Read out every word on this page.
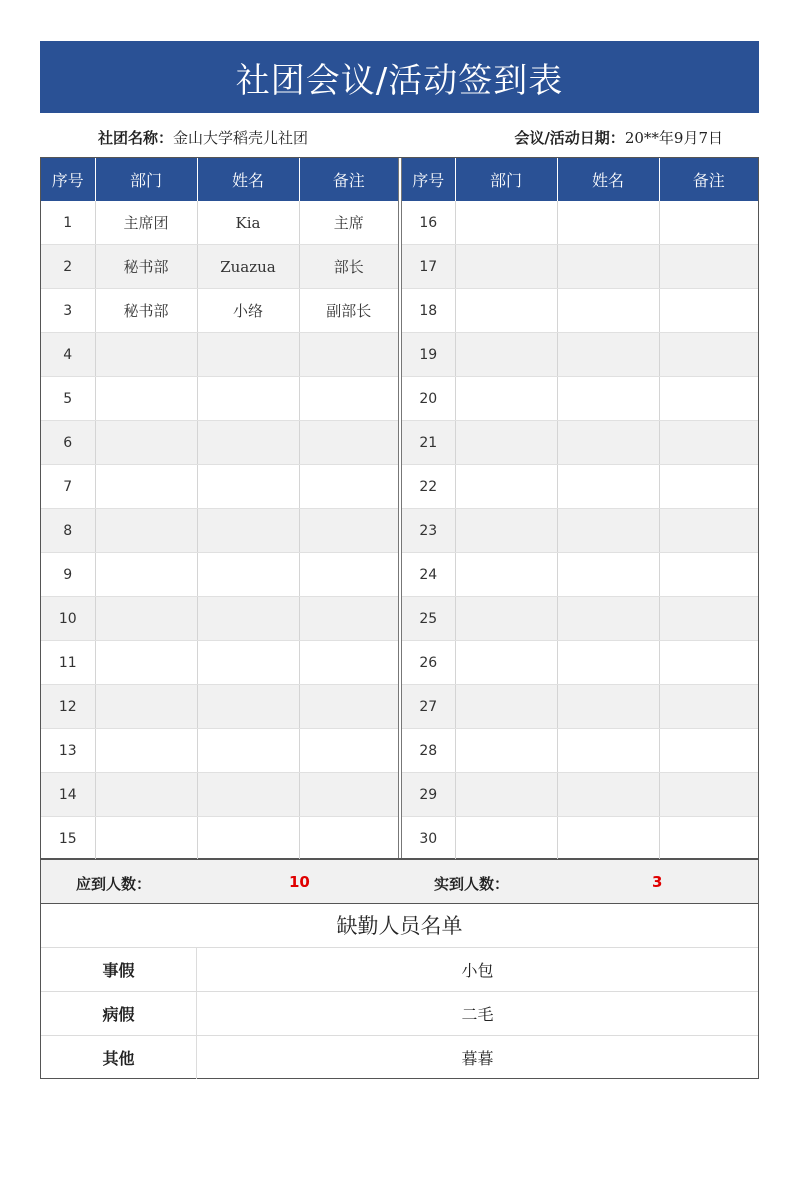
社团会议/活动签到表
社团名称：金山大学稻壳儿社团	会议/活动日期：20**年9月7日
序号	部门	姓名	备注
1	主席团	Kia	主席
2	秘书部	Zuazua	部长
3	秘书部	小络	副部长
4			
5			
6			
7			
8			
9			
10			
11			
12			
13			
14			
15			
序号	部门	姓名	备注
16			
17			
18			
19			
20			
21			
22			
23			
24			
25			
26			
27			
28			
29			
30			
应到人数：	10	实到人数：	3
缺勤人员名单
事假	小包
病假	二毛
其他	暮暮
